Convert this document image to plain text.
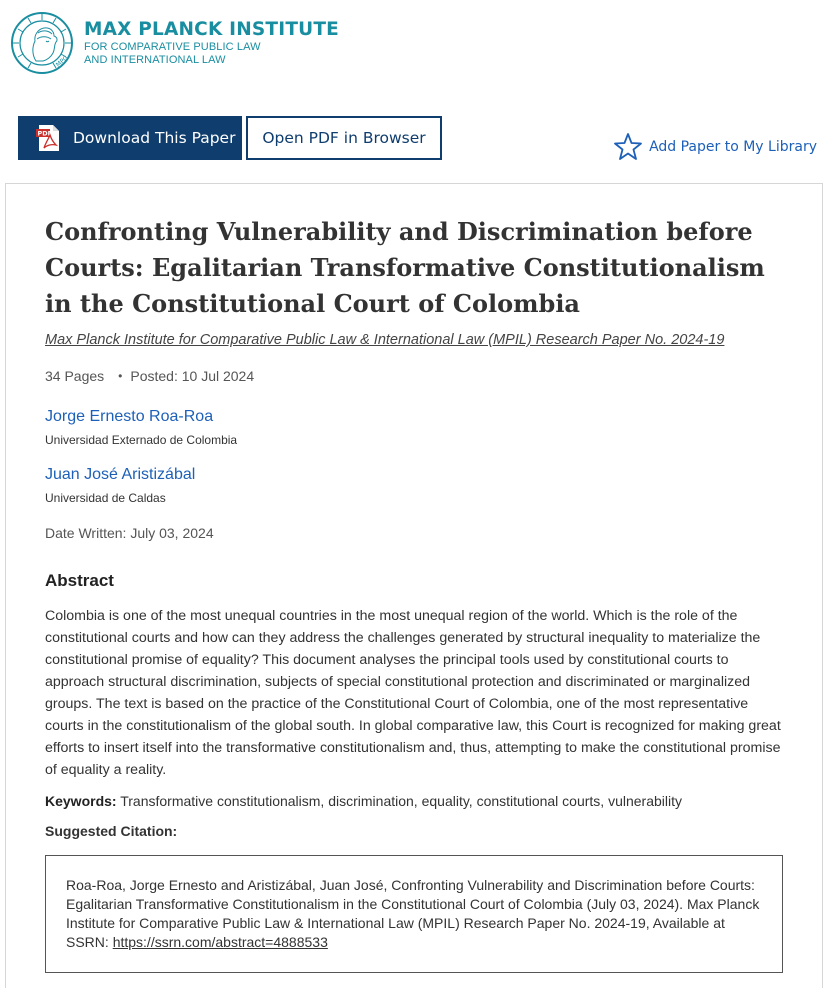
MPG
MAX PLANCK INSTITUTE
FOR COMPARATIVE PUBLIC LAW
AND INTERNATIONAL LAW
PDF Download This Paper Open PDF in Browser	Add Paper to My Library
Confronting Vulnerability and Discrimination before Courts: Egalitarian Transformative Constitutionalism in the Constitutional Court of Colombia
Max Planck Institute for Comparative Public Law & International Law (MPIL) Research Paper No. 2024-19
34 Pages • Posted: 10 Jul 2024
Jorge Ernesto Roa-Roa
Universidad Externado de Colombia
Juan José Aristizábal
Universidad de Caldas
Date Written: July 03, 2024
Abstract

Colombia is one of the most unequal countries in the most unequal region of the world. Which is the role of the constitutional courts and how can they address the challenges generated by structural inequality to materialize the constitutional promise of equality? This document analyses the principal tools used by constitutional courts to approach structural discrimination, subjects of special constitutional protection and discriminated or marginalized groups. The text is based on the practice of the Constitutional Court of Colombia, one of the most representative courts in the constitutionalism of the global south. In global comparative law, this Court is recognized for making great efforts to insert itself into the transformative constitutionalism and, thus, attempting to make the constitutional promise of equality a reality.

Keywords: Transformative constitutionalism, discrimination, equality, constitutional courts, vulnerability
Suggested Citation:
Roa-Roa, Jorge Ernesto and Aristizábal, Juan José, Confronting Vulnerability and Discrimination before Courts: Egalitarian Transformative Constitutionalism in the Constitutional Court of Colombia (July 03, 2024). Max Planck Institute for Comparative Public Law & International Law (MPIL) Research Paper No. 2024-19, Available at SSRN: https://ssrn.com/abstract=4888533
